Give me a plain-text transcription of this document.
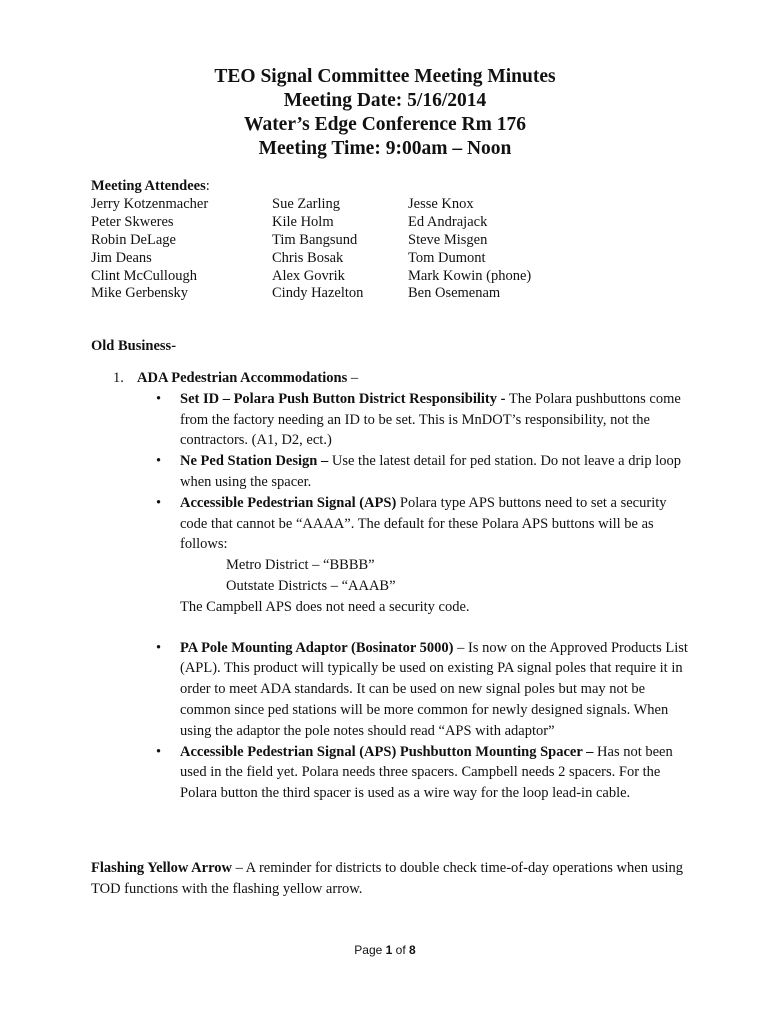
TEO Signal Committee Meeting Minutes
Meeting Date: 5/16/2014
Water’s Edge Conference Rm 176
Meeting Time: 9:00am – Noon
Meeting Attendees:
Jerry Kotzenmacher
Peter Skweres
Robin DeLage
Jim Deans
Clint McCullough
Mike Gerbensky
Sue Zarling
Kile Holm
Tim Bangsund
Chris Bosak
Alex Govrik
Cindy Hazelton
Jesse Knox
Ed Andrajack
Steve Misgen
Tom Dumont
Mark Kowin (phone)
Ben Osemenam
Old Business-
1. ADA Pedestrian Accommodations –
• Set ID – Polara Push Button District Responsibility - The Polara pushbuttons come from the factory needing an ID to be set. This is MnDOT’s responsibility, not the contractors. (A1, D2, ect.)
• Ne Ped Station Design – Use the latest detail for ped station. Do not leave a drip loop when using the spacer.
• Accessible Pedestrian Signal (APS) Polara type APS buttons need to set a security code that cannot be “AAAA”. The default for these Polara APS buttons will be as follows:
Metro District – “BBBB”
Outstate Districts – “AAAB”
The Campbell APS does not need a security code.
• PA Pole Mounting Adaptor (Bosinator 5000) – Is now on the Approved Products List (APL). This product will typically be used on existing PA signal poles that require it in order to meet ADA standards. It can be used on new signal poles but may not be common since ped stations will be more common for newly designed signals. When using the adaptor the pole notes should read “APS with adaptor”
• Accessible Pedestrian Signal (APS) Pushbutton Mounting Spacer – Has not been used in the field yet. Polara needs three spacers. Campbell needs 2 spacers. For the Polara button the third spacer is used as a wire way for the loop lead-in cable.
Flashing Yellow Arrow – A reminder for districts to double check time-of-day operations when using TOD functions with the flashing yellow arrow.
Page 1 of 8
